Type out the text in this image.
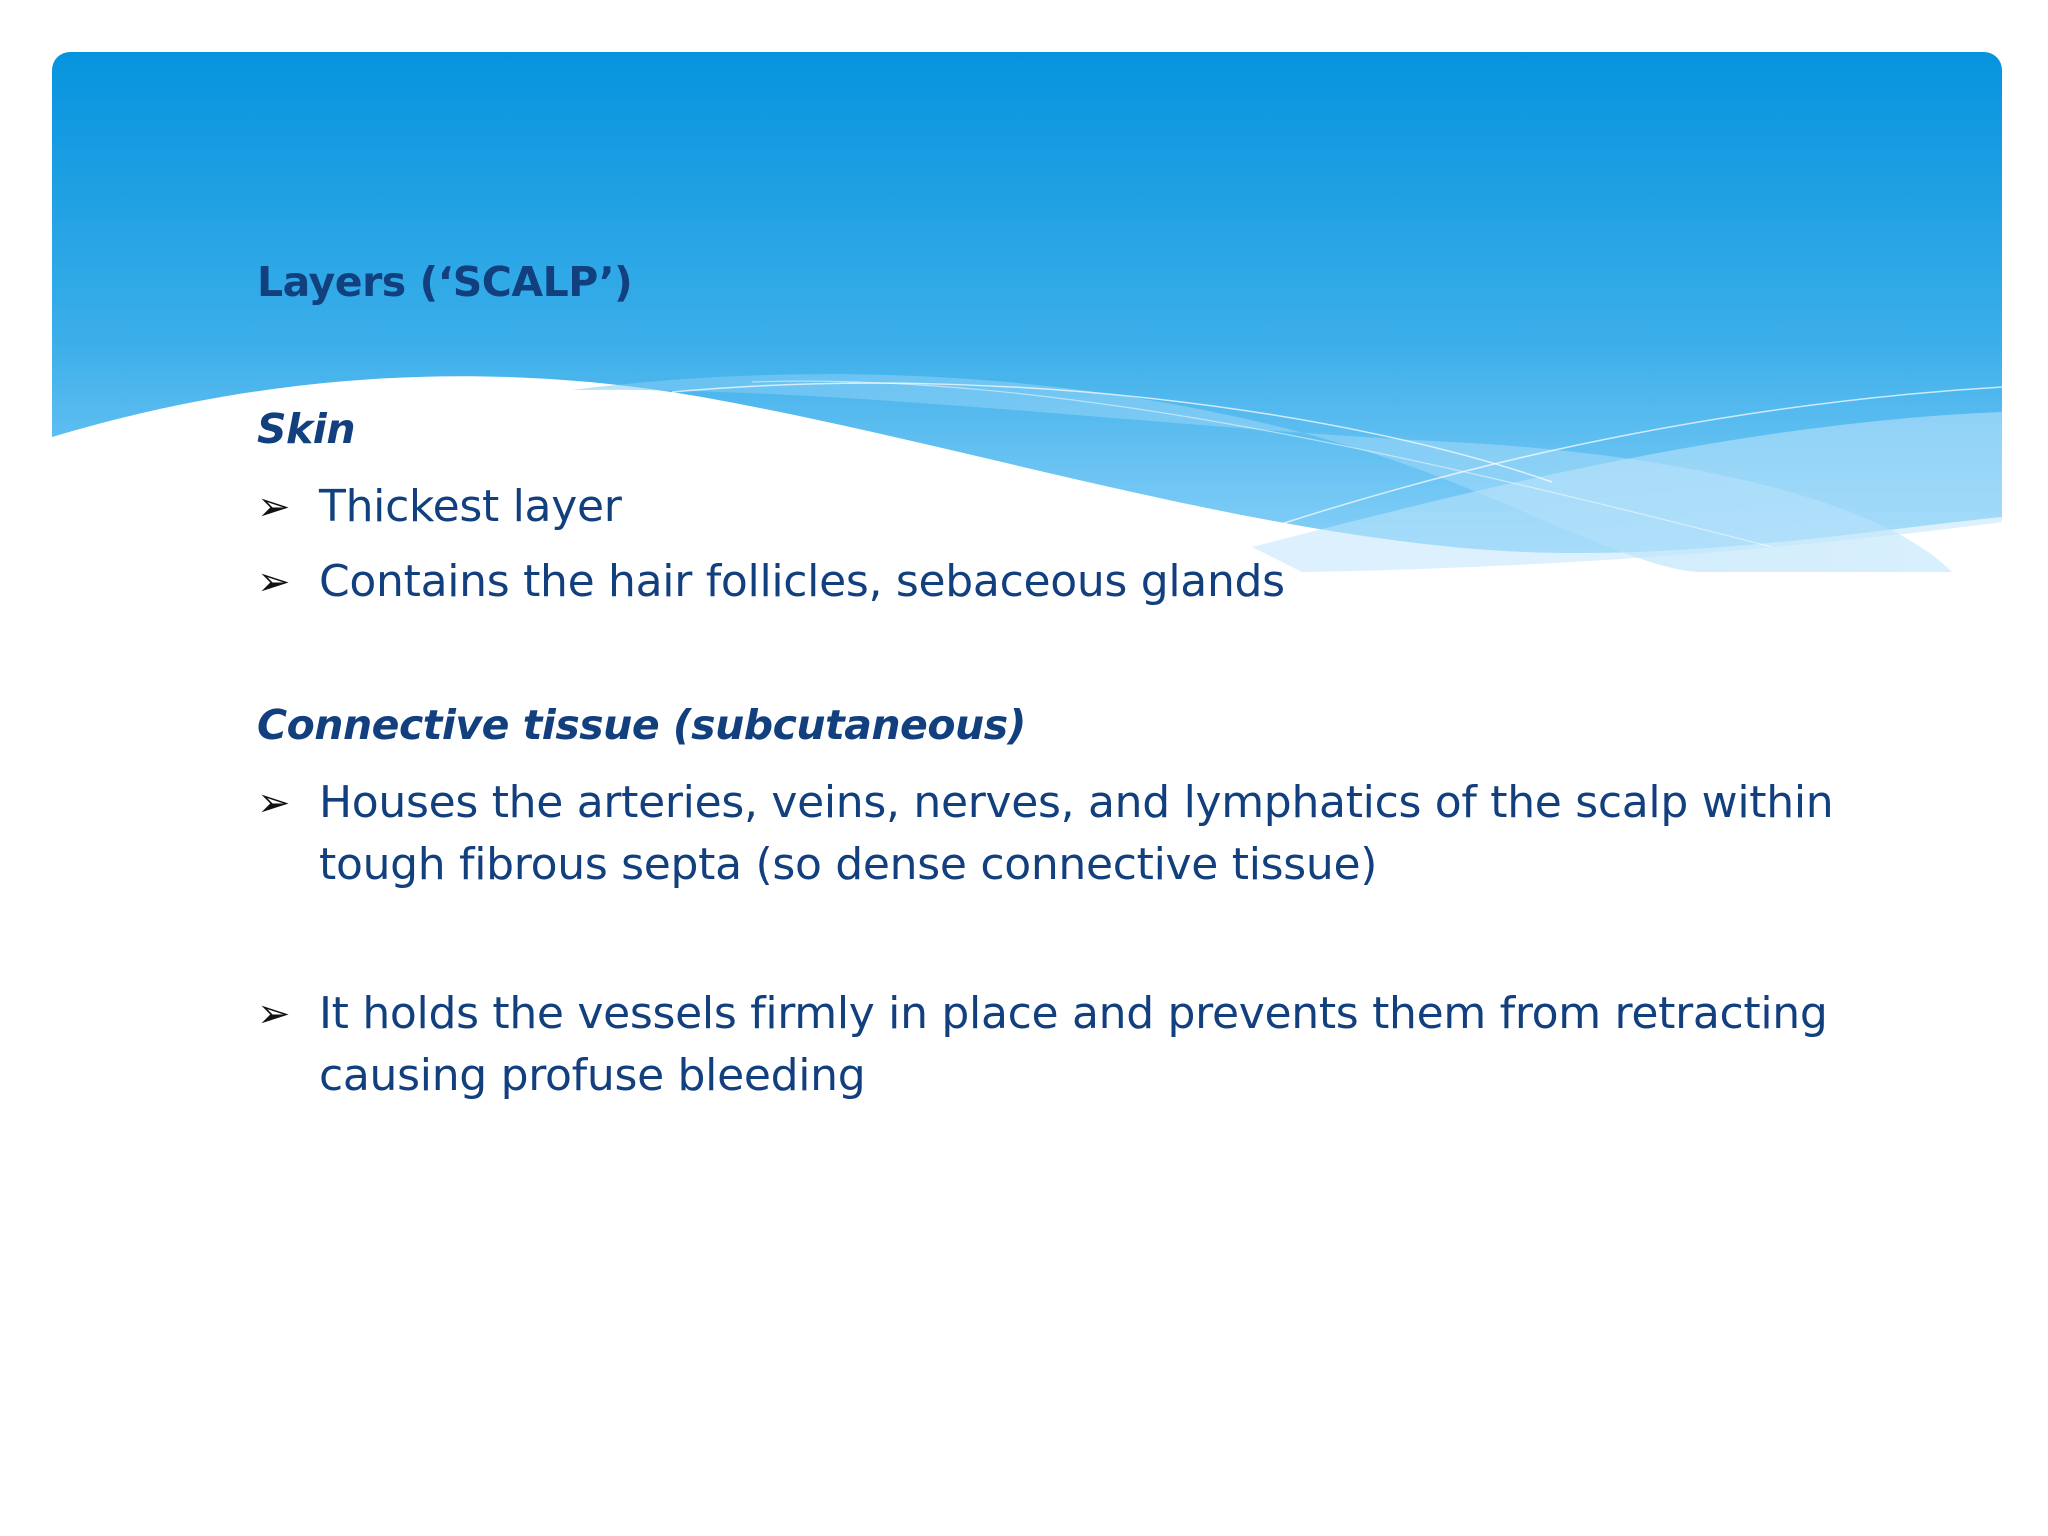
Layers (‘SCALP’)
Skin
➢ Thickest layer
➢ Contains the hair follicles, sebaceous glands
Connective tissue (subcutaneous)
➢ Houses the arteries, veins, nerves, and lymphatics of the scalp within tough fibrous septa (so dense connective tissue)
➢ It holds the vessels firmly in place and prevents them from retracting causing profuse bleeding
